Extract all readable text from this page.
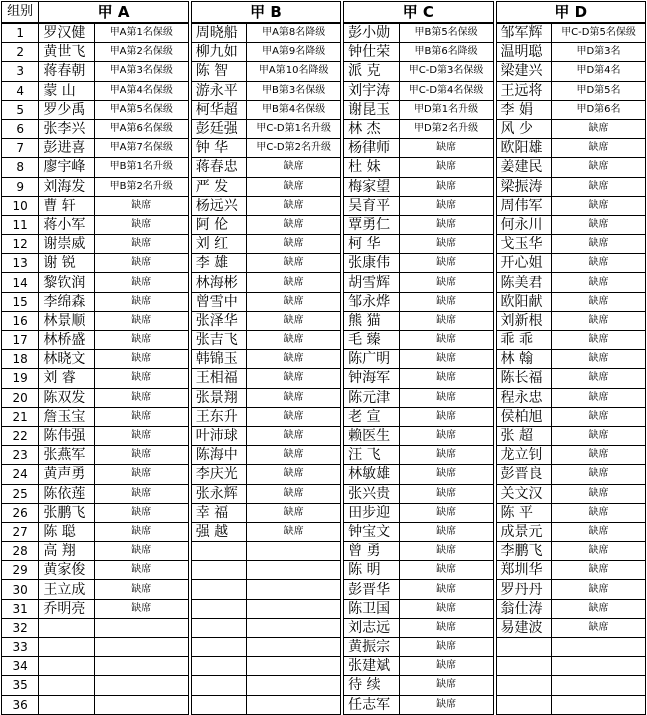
组别	甲 A			甲 B			甲 C			甲 D	
1	罗汉健	甲A第1名保级		周晓船	甲A第8名降级		彭小勋	甲B第5名保级		邹军辉	甲C-D第5名保级
2	黄世飞	甲A第2名保级		柳九如	甲A第9名降级		钟仕荣	甲B第6名降级		温明聪	甲D第3名
3	蒋春朝	甲A第3名保级		陈 智	甲A第10名降级		派 克	甲C-D第3名保级		梁建兴	甲D第4名
4	蒙 山	甲A第4名保级		游永平	甲B第3名保级		刘宇涛	甲C-D第4名保级		王远将	甲D第5名
5	罗少禹	甲A第5名保级		柯华超	甲B第4名保级		谢昆玉	甲D第1名升级		李 娟	甲D第6名
6	张李兴	甲A第6名保级		彭廷强	甲C-D第1名升级		林 杰	甲D第2名升级		风 少	缺席
7	彭进喜	甲A第7名保级		钟 华	甲C-D第2名升级		杨律师	缺席		欧阳雄	缺席
8	廖宇峰	甲B第1名升级		蒋春忠	缺席		杜 妹	缺席		姜建民	缺席
9	刘海发	甲B第2名升级		严 发	缺席		梅家望	缺席		梁振涛	缺席
10	曹 轩	缺席		杨远兴	缺席		吴育平	缺席		周伟军	缺席
11	蒋小军	缺席		阿 伦	缺席		覃勇仁	缺席		何永川	缺席
12	谢崇威	缺席		刘 红	缺席		柯 华	缺席		戈玉华	缺席
13	谢 锐	缺席		李 雄	缺席		张康伟	缺席		开心姐	缺席
14	黎钦润	缺席		林海彬	缺席		胡雪辉	缺席		陈美君	缺席
15	李绵森	缺席		曾雪中	缺席		邹永烨	缺席		欧阳献	缺席
16	林景顺	缺席		张泽华	缺席		熊 猫	缺席		刘新根	缺席
17	林桥盛	缺席		张吉飞	缺席		毛 臻	缺席		乖 乖	缺席
18	林晓文	缺席		韩锦玉	缺席		陈广明	缺席		林 翰	缺席
19	刘 睿	缺席		王相福	缺席		钟海军	缺席		陈长福	缺席
20	陈双发	缺席		张景翔	缺席		陈元津	缺席		程永忠	缺席
21	詹玉宝	缺席		王东升	缺席		老 宣	缺席		侯柏旭	缺席
22	陈伟强	缺席		叶沛球	缺席		赖医生	缺席		张 超	缺席
23	张燕军	缺席		陈海中	缺席		汪 飞	缺席		龙立钊	缺席
24	黄声勇	缺席		李庆光	缺席		林敏雄	缺席		彭晋良	缺席
25	陈依莲	缺席		张永辉	缺席		张兴贵	缺席		关文汉	缺席
26	张鹏飞	缺席		幸 福	缺席		田步迎	缺席		陈 平	缺席
27	陈 聪	缺席		强 越	缺席		钟宝文	缺席		成景元	缺席
28	高 翔	缺席					曾 勇	缺席		李鹏飞	缺席
29	黄家俊	缺席					陈 明	缺席		郑圳华	缺席
30	王立成	缺席					彭晋华	缺席		罗丹丹	缺席
31	乔明亮	缺席					陈卫国	缺席		翁仕涛	缺席
32							刘志远	缺席		易建波	缺席
33							黄振宗	缺席			
34							张建斌	缺席			
35							待 续	缺席			
36							任志军	缺席			
